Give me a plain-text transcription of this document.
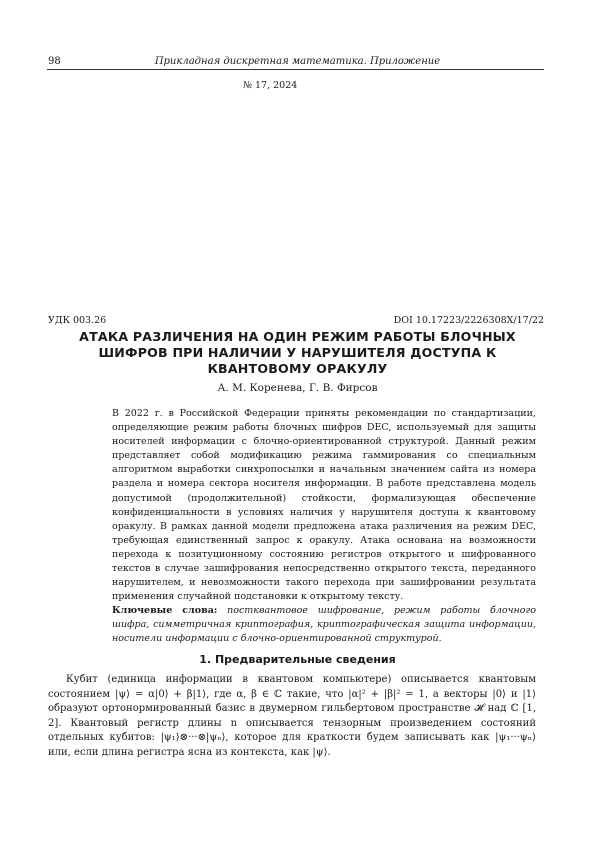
98	Прикладная дискретная математика. Приложение
№ 17, 2024
УДК 003.26	DOI 10.17223/2226308X/17/22
АТАКА РАЗЛИЧЕНИЯ НА ОДИН РЕЖИМ РАБОТЫ БЛОЧНЫХ ШИФРОВ ПРИ НАЛИЧИИ У НАРУШИТЕЛЯ ДОСТУПА К КВАНТОВОМУ ОРАКУЛУ
А. М. Коренева, Г. В. Фирсов

В 2022 г. в Российской Федерации приняты рекомендации по стандартизации, определяющие режим работы блочных шифров DEC, используемый для защиты носителей информации с блочно-ориентированной структурой. Данный режим представляет собой модификацию режима гаммирования со специальным алгоритмом выработки синхропосылки и начальным значением сайта из номера раздела и номера сектора носителя информации. В работе представлена модель допустимой (продолжительной) стойкости, формализующая обеспечение конфиденциальности в условиях наличия у нарушителя доступа к квантовому оракулу. В рамках данной модели предложена атака различения на режим DEC, требующая единственный запрос к оракулу. Атака основана на возможности перехода к позитуционному состоянию регистров открытого и шифрованного текстов в случае зашифрования непосредственно открытого текста, переданного нарушителем, и невозможности такого перехода при зашифровании результата применения случайной подстановки к открытому тексту.

Ключевые слова: постквантовое шифрование, режим работы блочного шифра, симметричная криптография, криптографическая защита информации, носители информации с блочно-ориентированной структурой.

1. Предварительные сведения

Кубит (единица информации в квантовом компьютере) описывается квантовым состоянием |ψ⟩ = α|0⟩ + β|1⟩, где α, β ∈ ℂ такие, что |α|² + |β|² = 1, а векторы |0⟩ и |1⟩ образуют ортонормированный базис в двумерном гильбертовом пространстве 𝓗 над ℂ [1, 2]. Квантовый регистр длины n описывается тензорным произведением состояний отдельных кубитов: |ψ₁⟩⊗···⊗|ψₙ⟩, которое для краткости будем записывать как |ψ₁···ψₙ⟩ или, если длина регистра ясна из контекста, как |ψ⟩.
